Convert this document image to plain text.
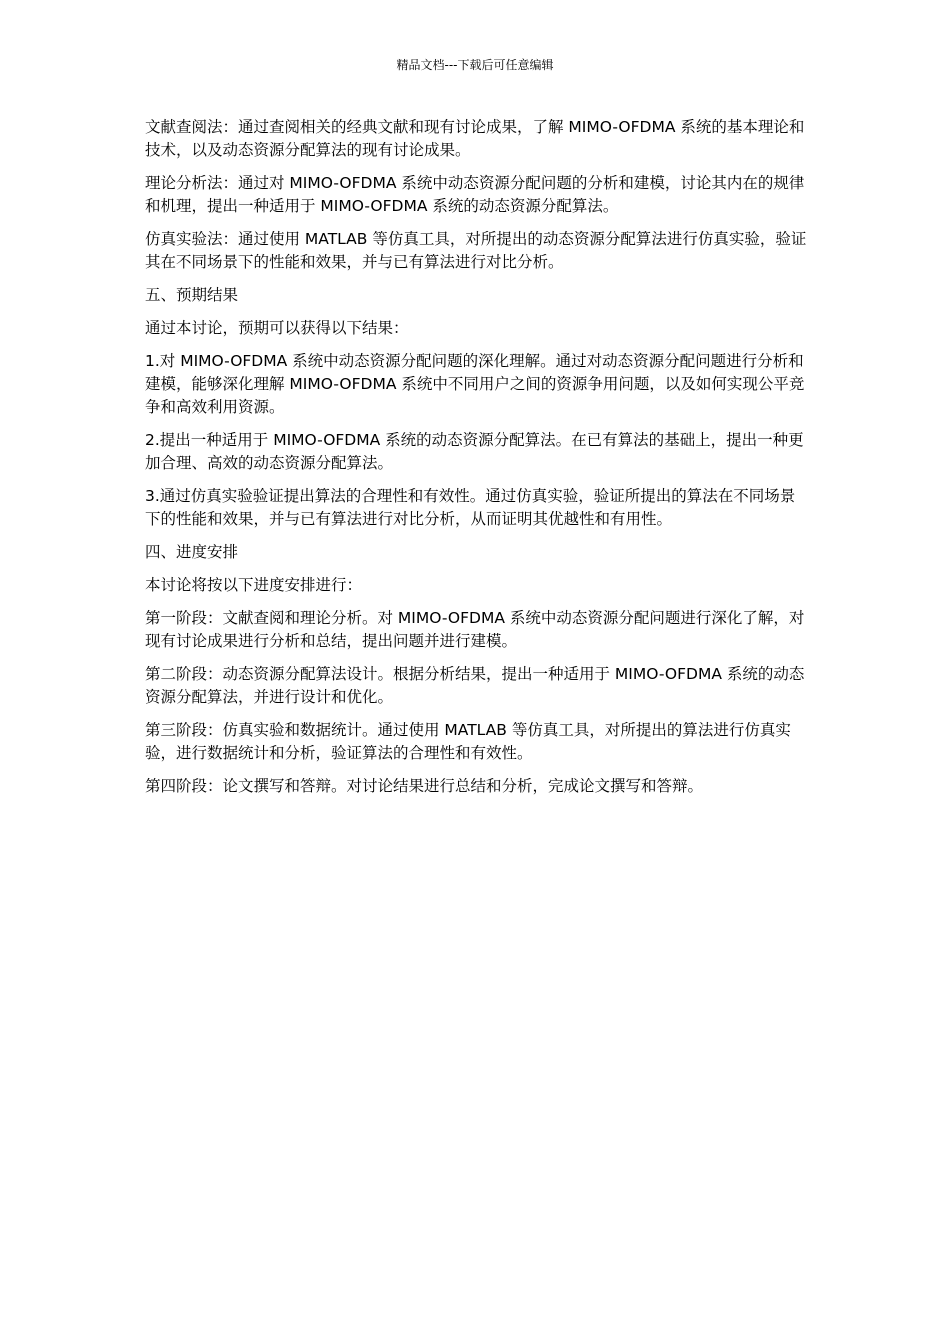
精品文档---下载后可任意编辑

文献查阅法：通过查阅相关的经典文献和现有讨论成果，了解 MIMO-OFDMA 系统的基本理论和技术，以及动态资源分配算法的现有讨论成果。

理论分析法：通过对 MIMO-OFDMA 系统中动态资源分配问题的分析和建模，讨论其内在的规律和机理，提出一种适用于 MIMO-OFDMA 系统的动态资源分配算法。

仿真实验法：通过使用 MATLAB 等仿真工具，对所提出的动态资源分配算法进行仿真实验，验证其在不同场景下的性能和效果，并与已有算法进行对比分析。

五、预期结果

通过本讨论，预期可以获得以下结果：

1.对 MIMO-OFDMA 系统中动态资源分配问题的深化理解。通过对动态资源分配问题进行分析和建模，能够深化理解 MIMO-OFDMA 系统中不同用户之间的资源争用问题，以及如何实现公平竞争和高效利用资源。

2.提出一种适用于 MIMO-OFDMA 系统的动态资源分配算法。在已有算法的基础上，提出一种更加合理、高效的动态资源分配算法。

3.通过仿真实验验证提出算法的合理性和有效性。通过仿真实验，验证所提出的算法在不同场景下的性能和效果，并与已有算法进行对比分析，从而证明其优越性和有用性。

四、进度安排

本讨论将按以下进度安排进行：

第一阶段：文献查阅和理论分析。对 MIMO-OFDMA 系统中动态资源分配问题进行深化了解，对现有讨论成果进行分析和总结，提出问题并进行建模。

第二阶段：动态资源分配算法设计。根据分析结果，提出一种适用于 MIMO-OFDMA 系统的动态资源分配算法，并进行设计和优化。

第三阶段：仿真实验和数据统计。通过使用 MATLAB 等仿真工具，对所提出的算法进行仿真实验，进行数据统计和分析，验证算法的合理性和有效性。

第四阶段：论文撰写和答辩。对讨论结果进行总结和分析，完成论文撰写和答辩。
